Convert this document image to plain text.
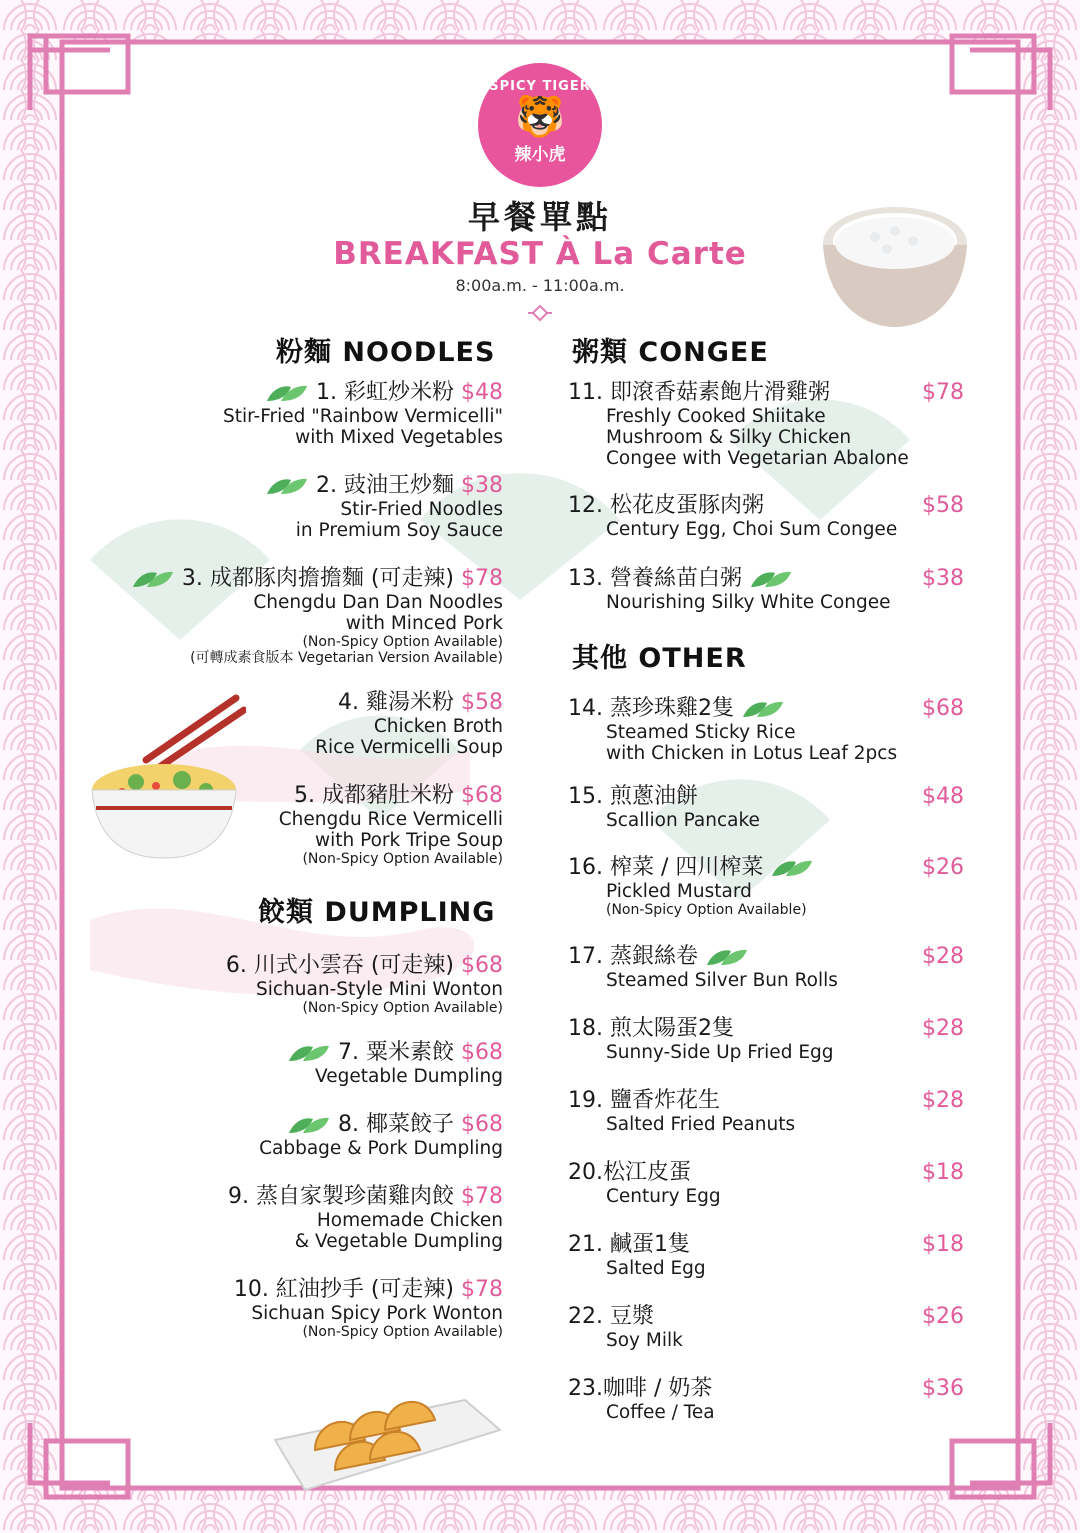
SPICY TIGER
🐯
辣小虎
早餐單點
BREAKFAST À La Carte
8:00a.m. - 11:00a.m.
粉麵 NOODLES	粥類 CONGEE
其他 OTHER
餃類 DUMPLING
1. 彩虹炒米粉 $48
Stir-Fried "Rainbow Vermicelli"
with Mixed Vegetables
2. 豉油王炒麵 $38
Stir-Fried Noodles
in Premium Soy Sauce
3. 成都豚肉擔擔麵 (可走辣) $78
Chengdu Dan Dan Noodles
with Minced Pork
(Non-Spicy Option Available)
(可轉成素食版本 Vegetarian Version Available)
4. 雞湯米粉 $58
Chicken Broth
Rice Vermicelli Soup
5. 成都豬肚米粉 $68
Chengdu Rice Vermicelli
with Pork Tripe Soup
(Non-Spicy Option Available)
6. 川式小雲吞 (可走辣) $68
Sichuan-Style Mini Wonton
(Non-Spicy Option Available)
7. 粟米素餃 $68
Vegetable Dumpling
8. 椰菜餃子 $68
Cabbage & Pork Dumpling
9. 蒸自家製珍菌雞肉餃 $78
Homemade Chicken
& Vegetable Dumpling
10. 紅油抄手 (可走辣) $78
Sichuan Spicy Pork Wonton
(Non-Spicy Option Available)
11. 即滾香菇素飽片滑雞粥	$78
Freshly Cooked Shiitake
Mushroom & Silky Chicken
Congee with Vegetarian Abalone
12. 松花皮蛋豚肉粥	$58
Century Egg, Choi Sum Congee
13. 營養絲苗白粥	$38
Nourishing Silky White Congee
14. 蒸珍珠雞2隻	$68
Steamed Sticky Rice
with Chicken in Lotus Leaf 2pcs
15. 煎蔥油餅	$48
Scallion Pancake
16. 榨菜 / 四川榨菜	$26
Pickled Mustard
(Non-Spicy Option Available)
17. 蒸銀絲卷	$28
Steamed Silver Bun Rolls
18. 煎太陽蛋2隻	$28
Sunny-Side Up Fried Egg
19. 鹽香炸花生	$28
Salted Fried Peanuts
20.松江皮蛋	$18
Century Egg
21. 鹹蛋1隻	$18
Salted Egg
22. 豆漿	$26
Soy Milk
23.咖啡 / 奶茶	$36
Coffee / Tea
